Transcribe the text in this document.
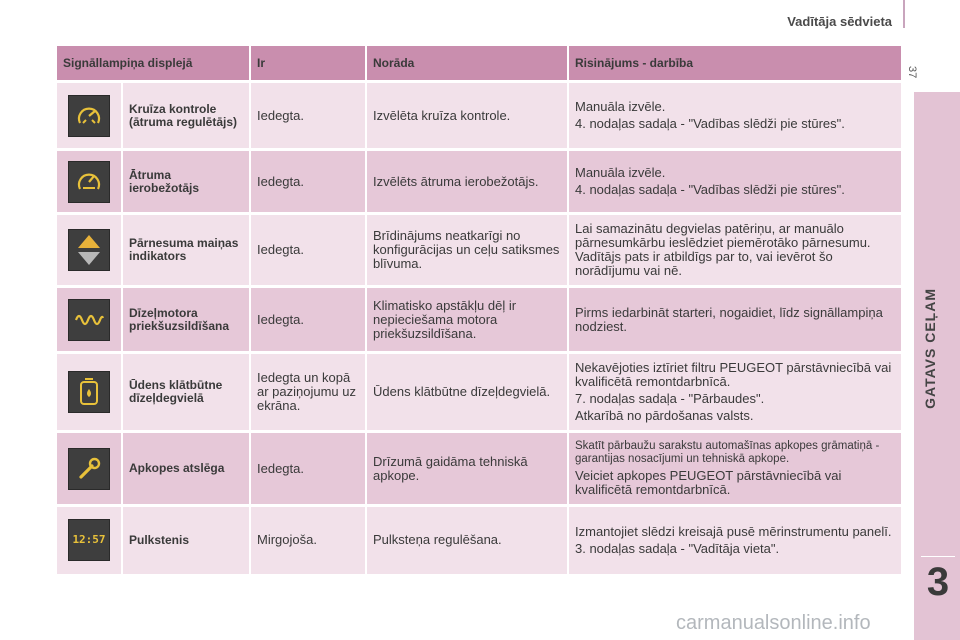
Vadītāja sēdvieta
37
GATAVS CEĻAM
3
Signāllampiņa displejā		Ir	Norāda	Risinājums - darbība

	Kruīza kontrole (ātruma regulētājs)	Iedegta.	Izvēlēta kruīza kontrole.	Manuāla izvēle.

4. nodaļas sadaļa - "Vadības slēdži pie stūres".

	Ātruma ierobežotājs	Iedegta.	Izvēlēts ātruma ierobežotājs.	Manuāla izvēle.

4. nodaļas sadaļa - "Vadības slēdži pie stūres".

	Pārnesuma maiņas indikators	Iedegta.	Brīdinājums neatkarīgi no konfigurācijas un ceļu satiksmes blīvuma.	Lai samazinātu degvielas patēriņu, ar manuālo pārnesumkārbu ieslēdziet piemērotāko pārnesumu. Vadītājs pats ir atbildīgs par to, vai ievērot šo norādījumu vai nē.

	Dīzeļmotora priekšuzsildīšana	Iedegta.	Klimatisko apstākļu dēļ ir nepieciešama motora priekšuzsildīšana.	Pirms iedarbināt starteri, nogaidiet, līdz signāllampiņa nodziest.

	Ūdens klātbūtne dīzeļdegvielā	Iedegta un kopā ar paziņojumu uz ekrāna.	Ūdens klātbūtne dīzeļdegvielā.	Nekavējoties iztīriet filtru PEUGEOT pārstāvniecībā vai kvalificētā remontdarbnīcā.

7. nodaļas sadaļa - "Pārbaudes".

Atkarībā no pārdošanas valsts.

	Apkopes atslēga	Iedegta.	Drīzumā gaidāma tehniskā apkope.	Skatīt pārbaužu sarakstu automašīnas apkopes grāmatiņā - garantijas nosacījumi un tehniskā apkope.

Veiciet apkopes PEUGEOT pārstāvniecībā vai kvalificētā remontdarbnīcā.

12:57	Pulkstenis	Mirgojoša.	Pulksteņa regulēšana.	Izmantojiet slēdzi kreisajā pusē mērinstrumentu panelī.

3. nodaļas sadaļa - "Vadītāja vieta".

carmanualsonline.info
